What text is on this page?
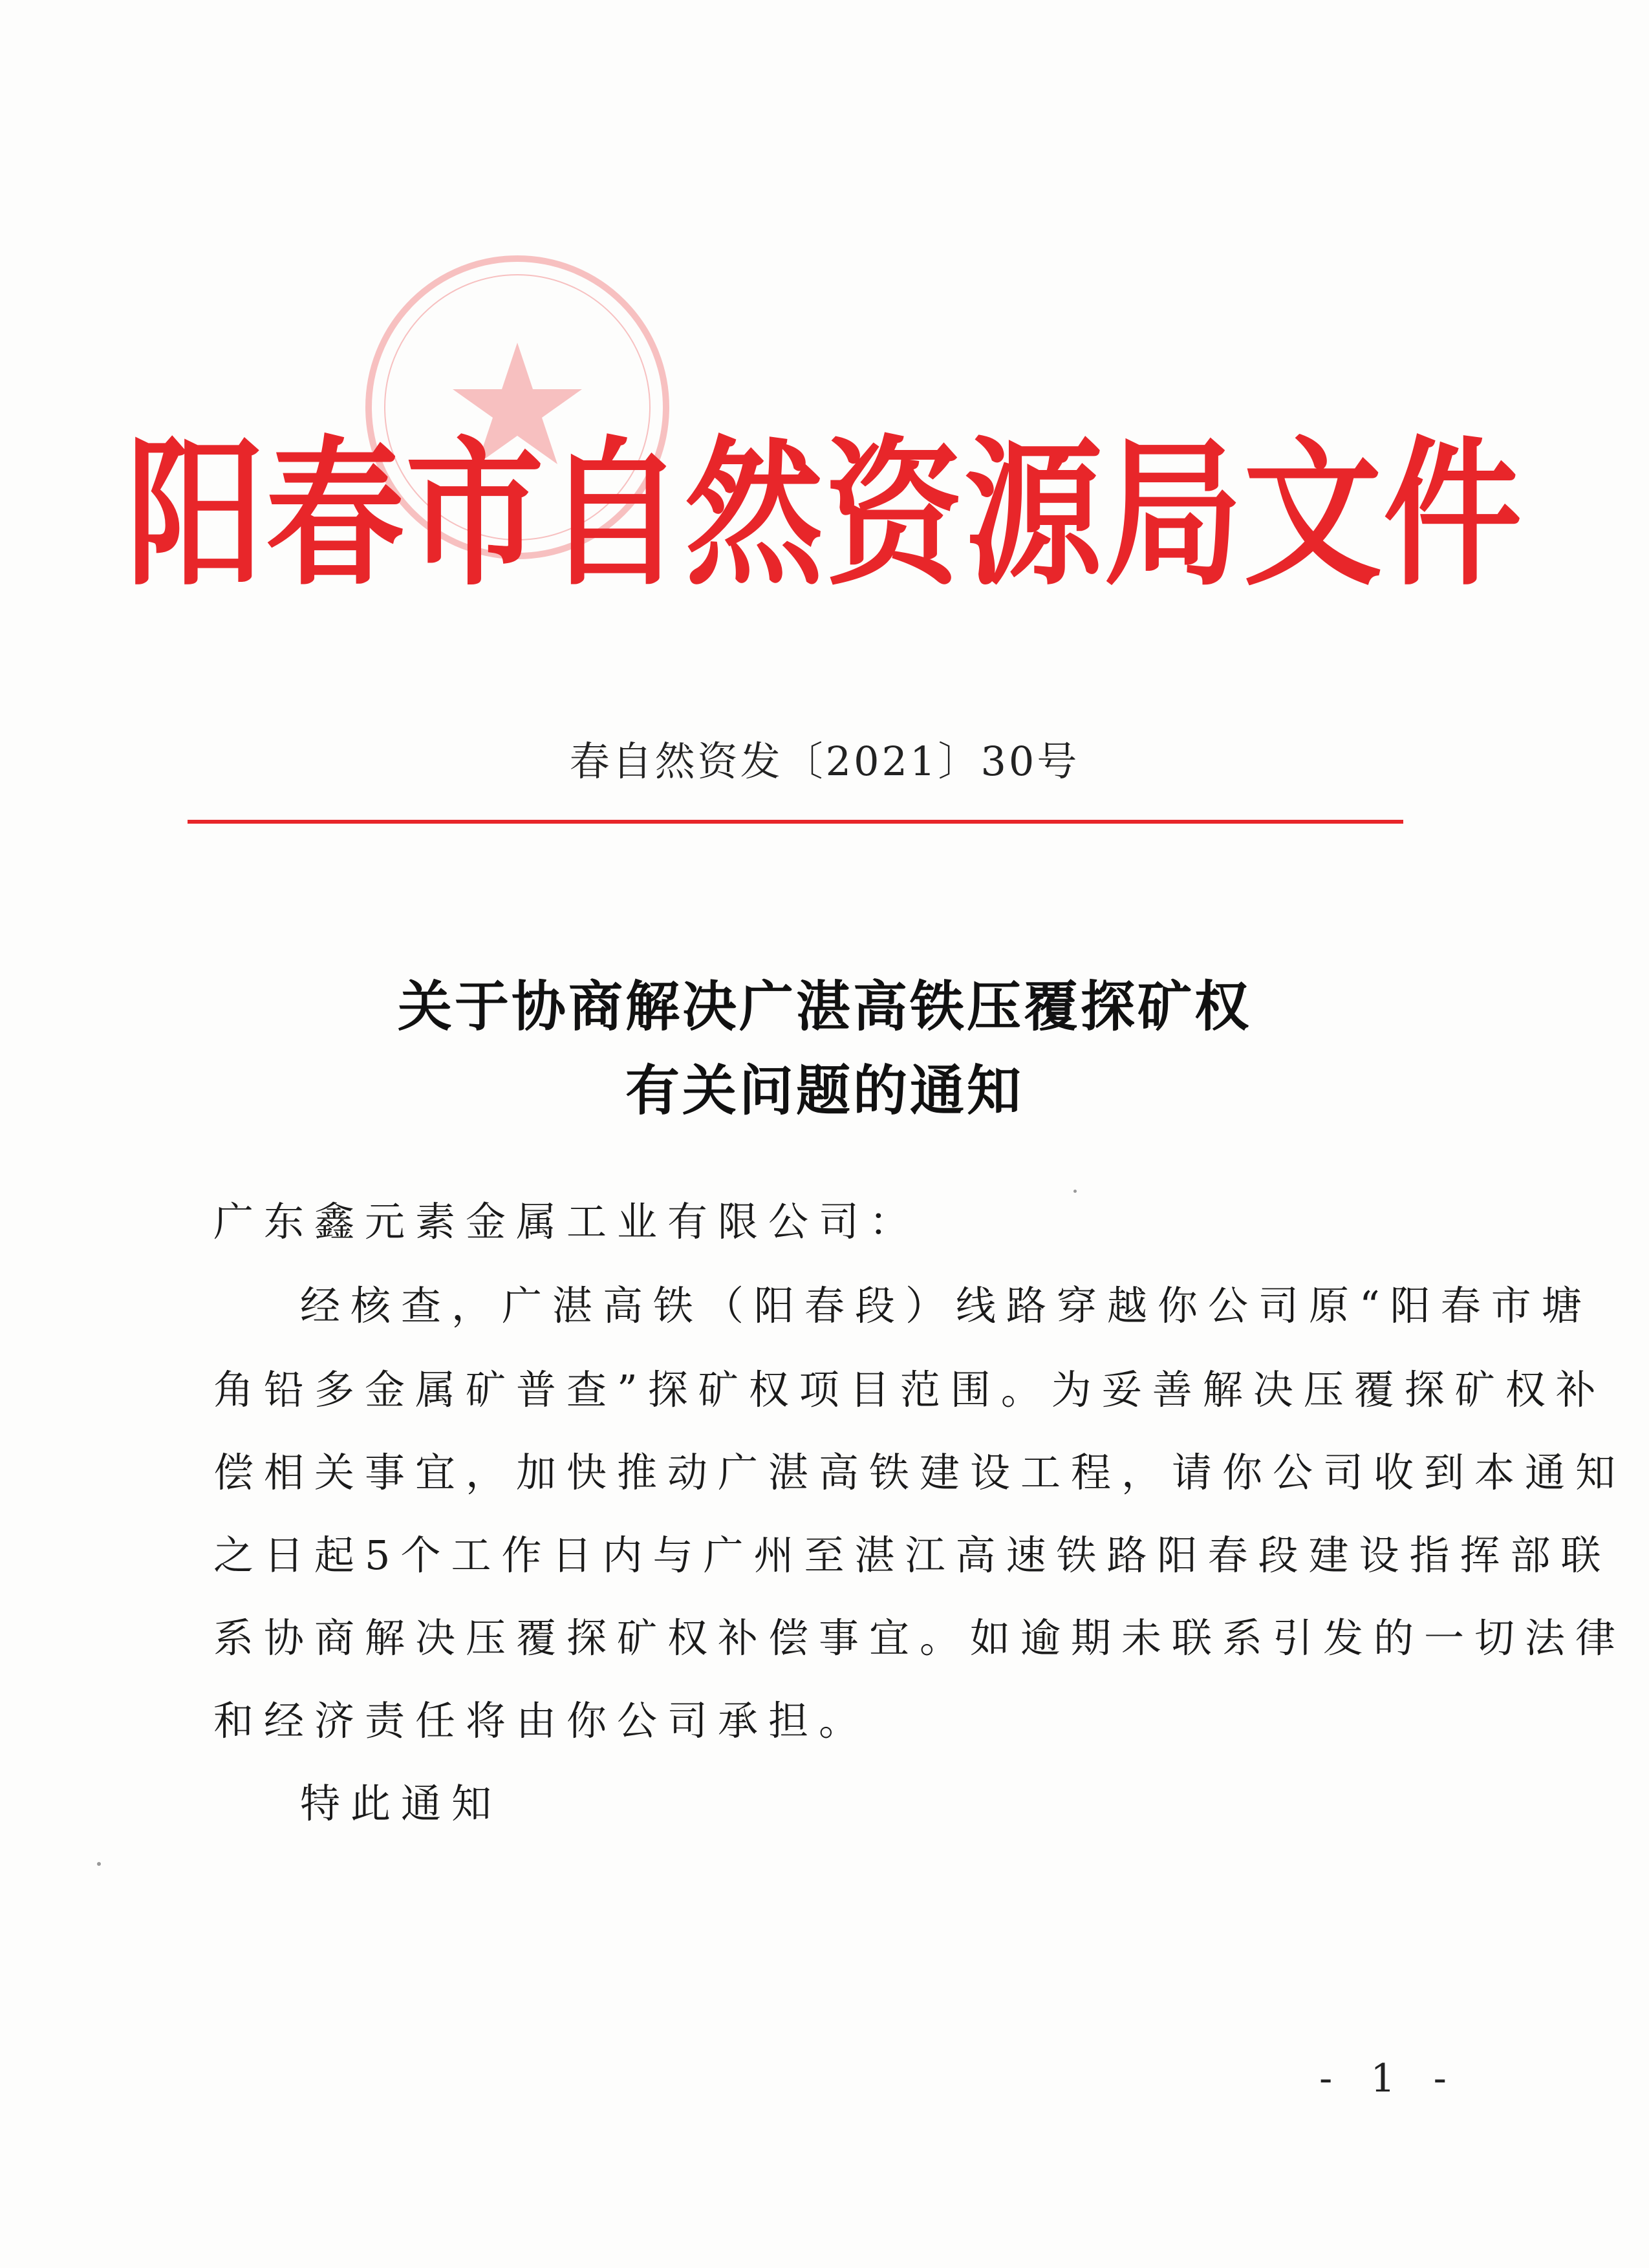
阳春市自然资源局文件
春自然资发〔2021〕30号
关于协商解决广湛高铁压覆探矿权
有关问题的通知
广东鑫元素金属工业有限公司：
经核查，广湛高铁（阳春段）线路穿越你公司原“阳春市塘
角铅多金属矿普查”探矿权项目范围。为妥善解决压覆探矿权补
偿相关事宜，加快推动广湛高铁建设工程，请你公司收到本通知
之日起5个工作日内与广州至湛江高速铁路阳春段建设指挥部联
系协商解决压覆探矿权补偿事宜。如逾期未联系引发的一切法律
和经济责任将由你公司承担。
特此通知
- 1 -
